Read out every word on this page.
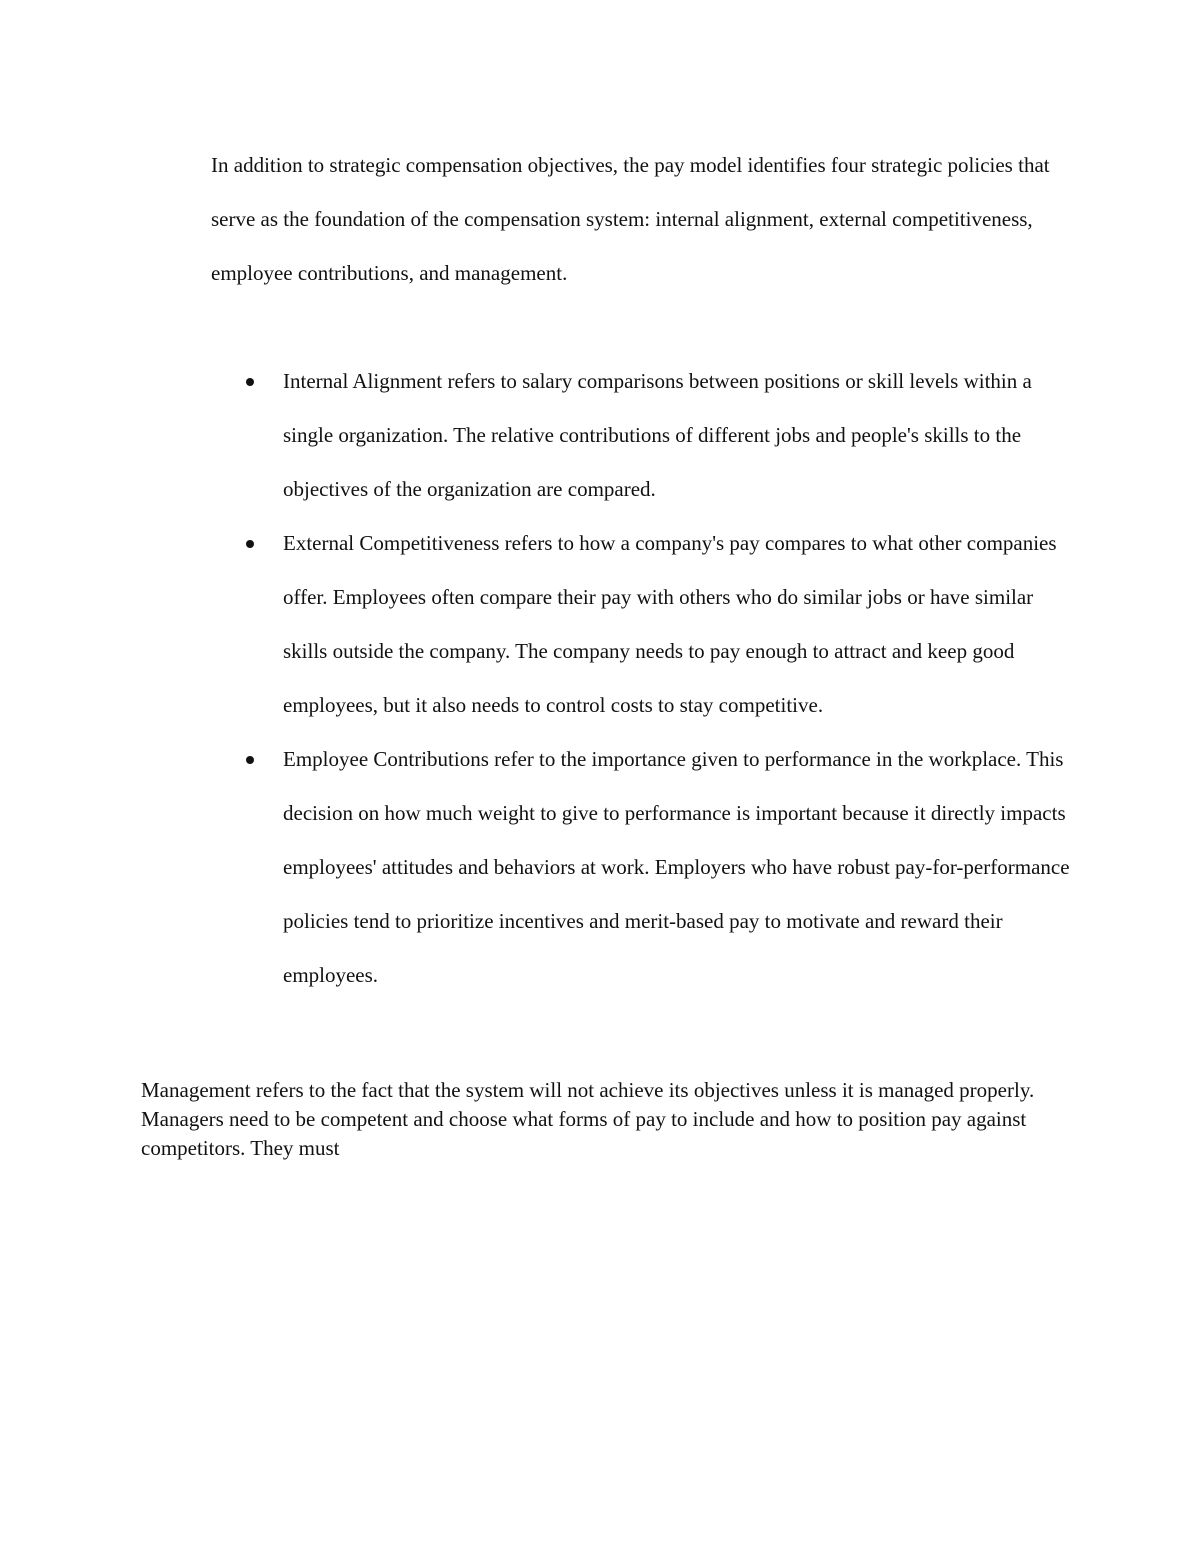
In addition to strategic compensation objectives, the pay model identifies four strategic policies that serve as the foundation of the compensation system: internal alignment, external competitiveness, employee contributions, and management.

Internal Alignment refers to salary comparisons between positions or skill levels within a single organization. The relative contributions of different jobs and people's skills to the objectives of the organization are compared.
External Competitiveness refers to how a company's pay compares to what other companies offer. Employees often compare their pay with others who do similar jobs or have similar skills outside the company. The company needs to pay enough to attract and keep good employees, but it also needs to control costs to stay competitive.
Employee Contributions refer to the importance given to performance in the workplace. This decision on how much weight to give to performance is important because it directly impacts employees' attitudes and behaviors at work. Employers who have robust pay-for-performance policies tend to prioritize incentives and merit-based pay to motivate and reward their employees.

Management refers to the fact that the system will not achieve its objectives unless it is managed properly. Managers need to be competent and choose what forms of pay to include and how to position pay against competitors. They must
